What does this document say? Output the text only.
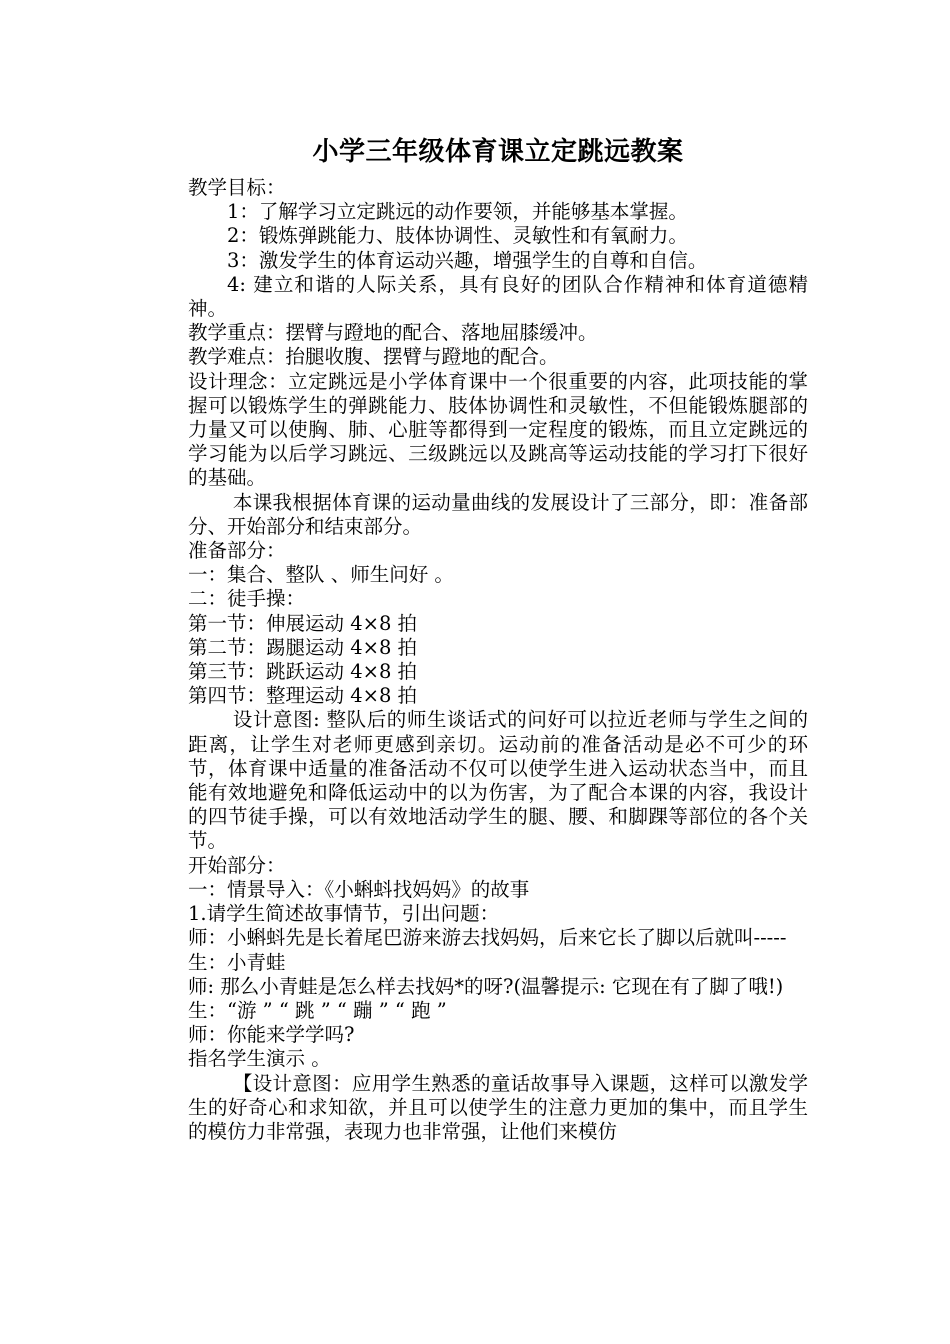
小学三年级体育课立定跳远教案

教学目标：

1：了解学习立定跳远的动作要领，并能够基本掌握。

2：锻炼弹跳能力、肢体协调性、灵敏性和有氧耐力。

3：激发学生的体育运动兴趣，增强学生的自尊和自信。

4: 建立和谐的人际关系，具有良好的团队合作精神和体育道德精神。

教学重点：摆臂与蹬地的配合、落地屈膝缓冲。

教学难点：抬腿收腹、摆臂与蹬地的配合。

设计理念：立定跳远是小学体育课中一个很重要的内容，此项技能的掌握可以锻炼学生的弹跳能力、肢体协调性和灵敏性，不但能锻炼腿部的力量又可以使胸、肺、心脏等都得到一定程度的锻炼，而且立定跳远的学习能为以后学习跳远、三级跳远以及跳高等运动技能的学习打下很好的基础。

本课我根据体育课的运动量曲线的发展设计了三部分，即：准备部分、开始部分和结束部分。

准备部分：

一：集合、整队 、师生问好 。

二：徒手操：

第一节：伸展运动 4×8 拍

第二节：踢腿运动 4×8 拍

第三节：跳跃运动 4×8 拍

第四节：整理运动 4×8 拍

设计意图: 整队后的师生谈话式的问好可以拉近老师与学生之间的距离，让学生对老师更感到亲切。运动前的准备活动是必不可少的环节，体育课中适量的准备活动不仅可以使学生进入运动状态当中，而且能有效地避免和降低运动中的以为伤害，为了配合本课的内容，我设计的四节徒手操，可以有效地活动学生的腿、腰、和脚踝等部位的各个关节。

开始部分：

一：情景导入：《小蝌蚪找妈妈》的故事

1.请学生简述故事情节，引出问题：

师：小蝌蚪先是长着尾巴游来游去找妈妈，后来它长了脚以后就叫-----

生：小青蛙

师: 那么小青蛙是怎么样去找妈*的呀?(温馨提示: 它现在有了脚了哦!)

生：“游 ” “ 跳 ” “ 蹦 ” “ 跑 ”

师：你能来学学吗?

指名学生演示 。

【设计意图：应用学生熟悉的童话故事导入课题，这样可以激发学生的好奇心和求知欲，并且可以使学生的注意力更加的集中，而且学生的模仿力非常强，表现力也非常强，让他们来模仿
